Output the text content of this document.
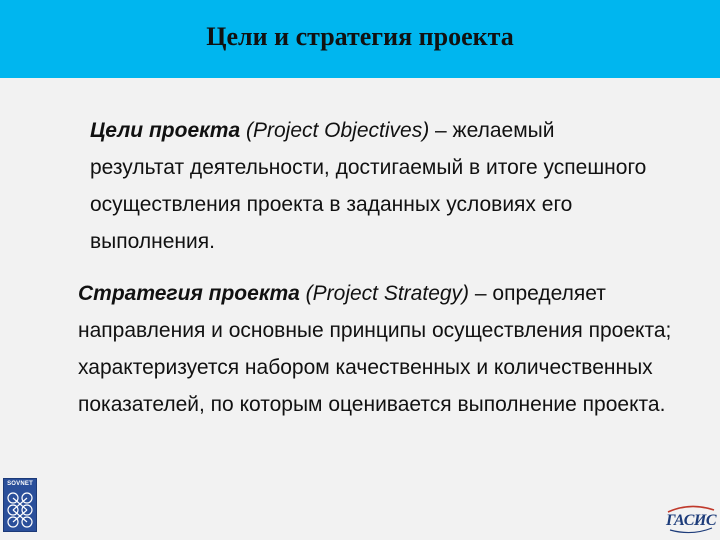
Цели и стратегия проекта

Цели проекта (Project Objectives) – желаемый результат деятельности, достигаемый в итоге успешного осуществления проекта в заданных условиях его выполнения.

Стратегия проекта (Project Strategy) – определяет направления и основные принципы осуществления проекта; характеризуется набором качественных и количественных показателей, по которым оценивается выполнение проекта.

SOVNET
ГАСИС
